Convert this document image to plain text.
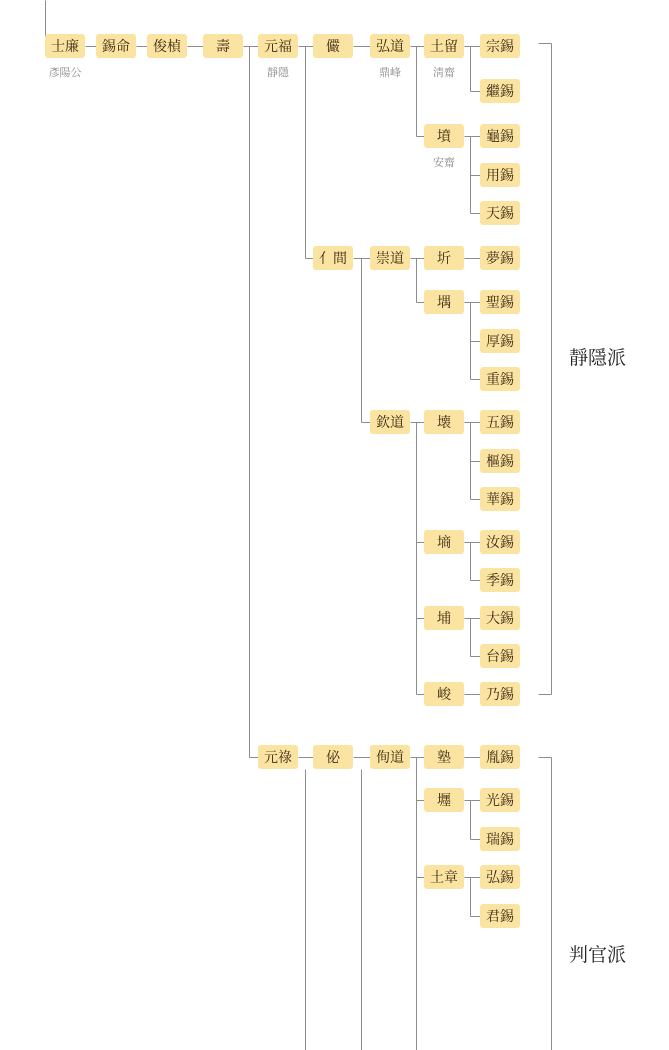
士廉
彥陽公
錫命	俊楨	壽	元福
靜隱
儼	弘道
鼎峰
土留
淸齋
宗錫
繼錫
墳
安齋
龜錫
用錫
天錫
亻間	崇道	圻	夢錫
堣	聖錫
厚錫
重錫
欽道	壊	五錫
樞錫
華錫
墒	汝錫
季錫
埔	大錫
台錫
峻	乃錫
元祿	佖	侚道	塾	胤錫
壥	光錫
瑞錫
土章	弘錫
君錫
靜隱派
判官派
